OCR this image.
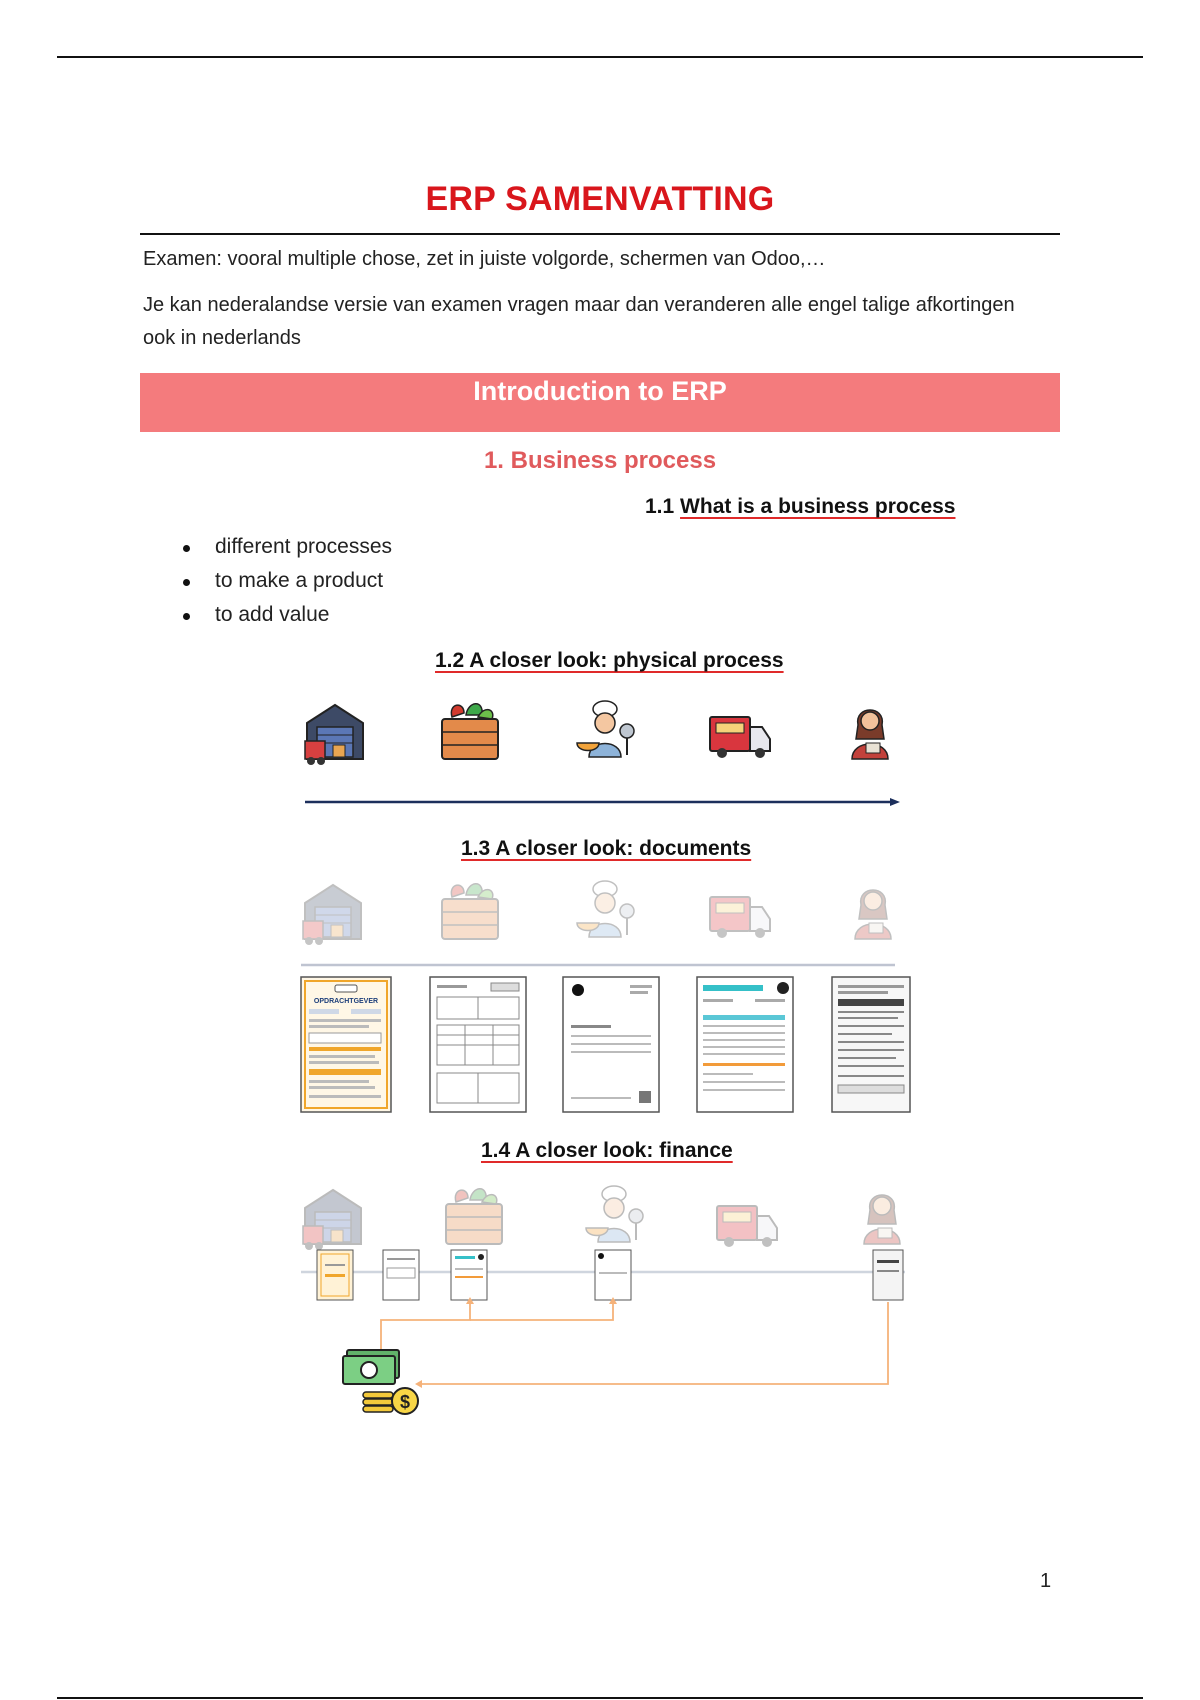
ERP SAMENVATTING
Examen: vooral multiple chose, zet in juiste volgorde, schermen van Odoo,…
Je kan nederalandse versie van examen vragen maar dan veranderen alle engel talige afkortingen ook in nederlands
Introduction to ERP
1. Business process
1.1 What is a business process
different processes
to make a product
to add value
1.2 A closer look: physical process
1.3 A closer look: documents
OPDRACHTGEVER
1.4 A closer look: finance
$
1
